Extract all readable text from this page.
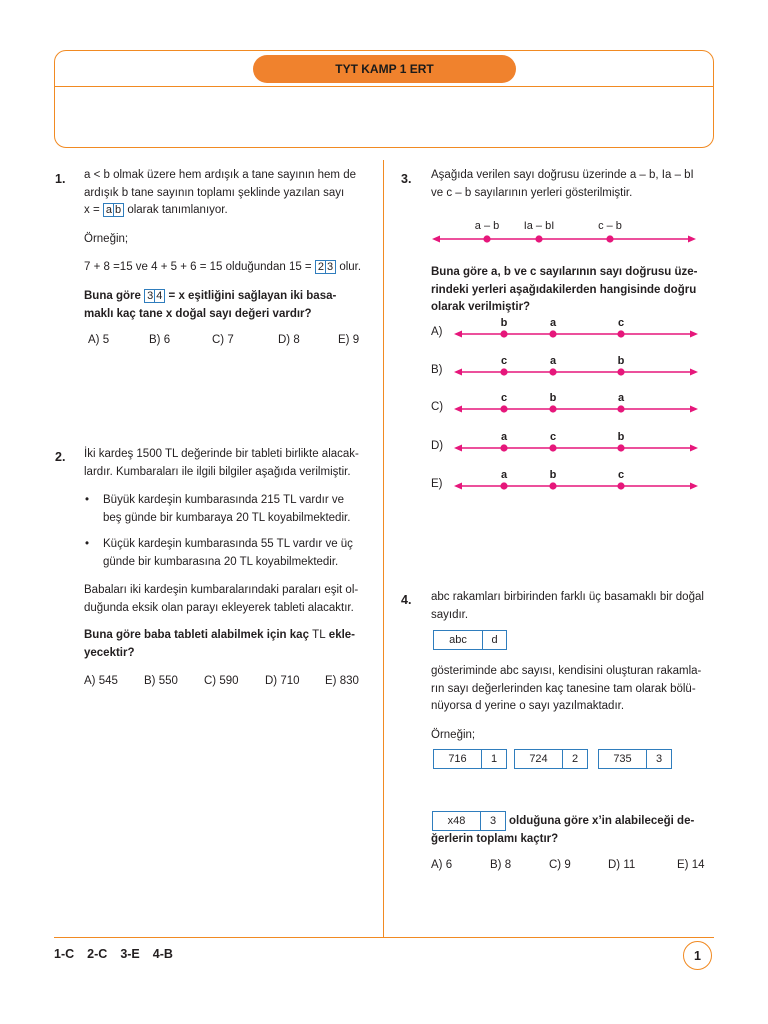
TYT KAMP 1 ERT
1. a < b olmak üzere hem ardışık a tane sayının hem de
ardışık b tane sayının toplamı şeklinde yazılan sayı
x = a b olarak tanımlanıyor.
Örneğin;
7 + 8 =15 ve 4 + 5 + 6 = 15 olduğundan 15 = 2 3 olur.
Buna göre 3 4 = x eşitliğini sağlayan iki basa-
maklı kaç tane x doğal sayı değeri vardır?
A) 5	B) 6	C) 7	D) 8	E) 9
2. İki kardeş 1500 TL değerinde bir tableti birlikte alacak-
lardır. Kumbaraları ile ilgili bilgiler aşağıda verilmiştir.
• Büyük kardeşin kumbarasında 215 TL vardır ve
beş günde bir kumbaraya 20 TL koyabilmektedir.
• Küçük kardeşin kumbarasında 55 TL vardır ve üç
günde bir kumbarasına 20 TL koyabilmektedir.
Babaları iki kardeşin kumbaralarındaki paraları eşit ol-
duğunda eksik olan parayı ekleyerek tableti alacaktır.
Buna göre baba tableti alabilmek için kaç TL ekle-
yecektir?
A) 545	B) 550	C) 590	D) 710	E) 830
3. Aşağıda verilen sayı doğrusu üzerinde a – b, Ia – bI
ve c – b sayılarının yerleri gösterilmiştir.
a – b	Ia – bI	c – b
Buna göre a, b ve c sayılarının sayı doğrusu üze-
rindeki yerleri aşağıdakilerden hangisinde doğru
olarak verilmiştir?
A)
b	a	c
B)
c	a	b
C)
c	b	a
D)
a	c	b
E)
a	b	c
4. abc rakamları birbirinden farklı üç basamaklı bir doğal
sayıdır.
abc	d
gösteriminde abc sayısı, kendisini oluşturan rakamla-
rın sayı değerlerinden kaç tanesine tam olarak bölü-
nüyorsa d yerine o sayı yazılmaktadır.
Örneğin;
716	1	724	2	735	3
x48	3	olduğuna göre x’in alabileceği de-
ğerlerin toplamı kaçtır?
A) 6	B) 8	C) 9	D) 11	E) 14
1-C 2-C 3-E 4-B	1
